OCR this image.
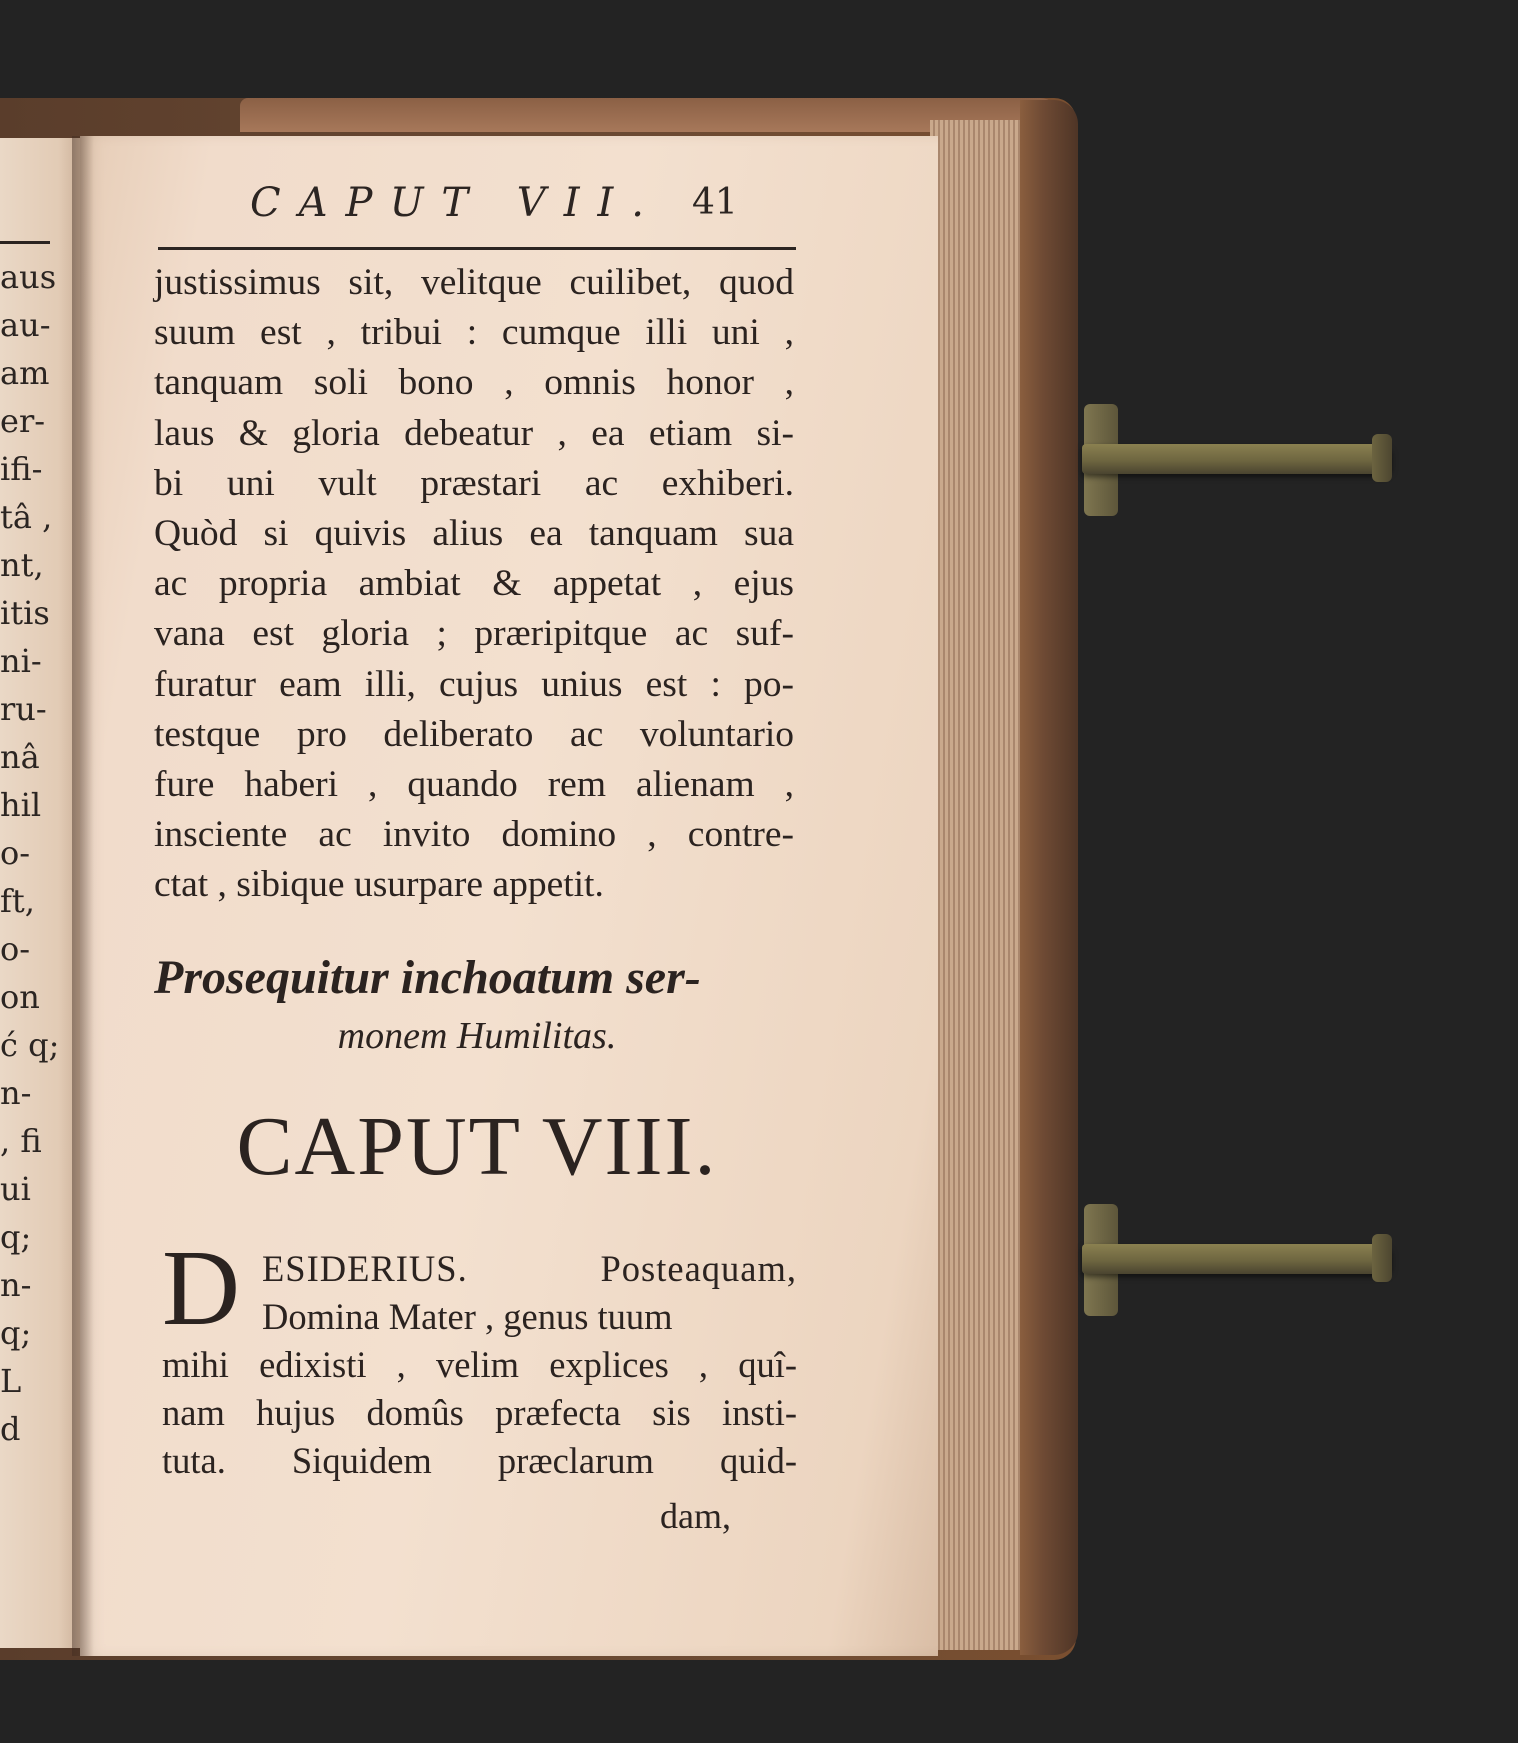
aus
au-
am
er-
ifi-
tâ ,
nt,
itis
ni-
ru-
nâ
hil
o-
ft,
o-
on
ć q;
n-
, fi
ui
q;
n-
q;
L
d
CAPUT VII. 41
justissimus sit, velitque cuilibet, quod
suum est , tribui : cumque illi uni ,
tanquam soli bono , omnis honor ,
laus & gloria debeatur , ea etiam si-
bi uni vult præstari ac exhiberi.
Quòd si quivis alius ea tanquam sua
ac propria ambiat & appetat , ejus
vana est gloria ; præripitque ac suf-
furatur eam illi, cujus unius est : po-
testque pro deliberato ac voluntario
fure haberi , quando rem alienam ,
insciente ac invito domino , contre-
ctat , sibique usurpare appetit.
Prosequitur inchoatum ser-
monem Humilitas.
CAPUT VIII.
D ESIDERIUS. Posteaquam,
Domina Mater , genus tuum
mihi edixisti , velim explices , quî-
nam hujus domûs præfecta sis insti-
tuta. Siquidem præclarum quid-
dam,
